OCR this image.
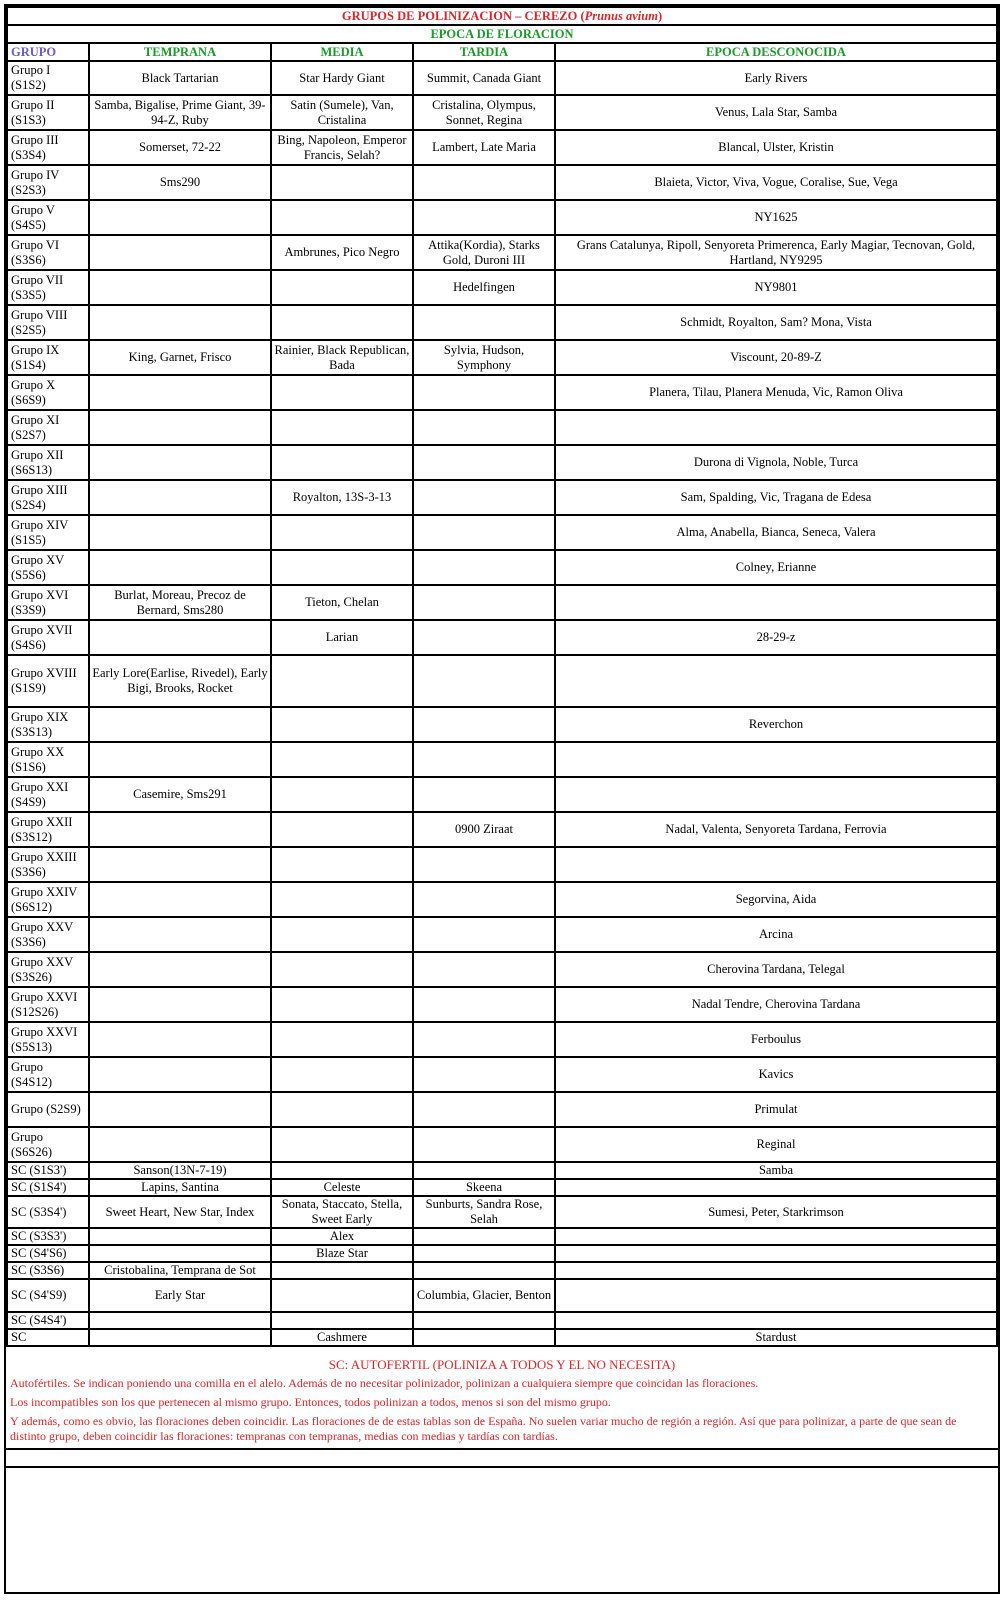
GRUPOS DE POLINIZACION – CEREZO (Prunus avium)				
EPOCA DE FLORACION				
GRUPO	TEMPRANA	MEDIA	TARDIA	EPOCA DESCONOCIDA
Grupo I
(S1S2)	Black Tartarian	Star Hardy Giant	Summit, Canada Giant	Early Rivers
Grupo II
(S1S3)	Samba, Bigalise, Prime Giant, 39-94-Z, Ruby	Satin (Sumele), Van, Cristalina	Cristalina, Olympus, Sonnet, Regina	Venus, Lala Star, Samba
Grupo III
(S3S4)	Somerset, 72-22	Bing, Napoleon, Emperor Francis, Selah?	Lambert, Late Maria	Blancal, Ulster, Kristin
Grupo IV
(S2S3)	Sms290			Blaieta, Victor, Viva, Vogue, Coralise, Sue, Vega
Grupo V
(S4S5)				NY1625
Grupo VI
(S3S6)		Ambrunes, Pico Negro	Attika(Kordia), Starks Gold, Duroni III	Grans Catalunya, Ripoll, Senyoreta Primerenca, Early Magiar, Tecnovan, Gold, Hartland, NY9295
Grupo VII
(S3S5)			Hedelfingen	NY9801
Grupo VIII
(S2S5)				Schmidt, Royalton, Sam? Mona, Vista
Grupo IX
(S1S4)	King, Garnet, Frisco	Rainier, Black Republican, Bada	Sylvia, Hudson, Symphony	Viscount, 20-89-Z
Grupo X
(S6S9)				Planera, Tilau, Planera Menuda, Vic, Ramon Oliva
Grupo XI
(S2S7)				
Grupo XII
(S6S13)				Durona di Vignola, Noble, Turca
Grupo XIII
(S2S4)		Royalton, 13S-3-13		Sam, Spalding, Vic, Tragana de Edesa
Grupo XIV
(S1S5)				Alma, Anabella, Bianca, Seneca, Valera
Grupo XV
(S5S6)				Colney, Erianne
Grupo XVI
(S3S9)	Burlat, Moreau, Precoz de Bernard, Sms280	Tieton, Chelan		
Grupo XVII
(S4S6)		Larian		28-29-z
Grupo XVIII
(S1S9)	Early Lore(Earlise, Rivedel), Early Bigi, Brooks, Rocket			
Grupo XIX
(S3S13)				Reverchon
Grupo XX
(S1S6)				
Grupo XXI
(S4S9)	Casemire, Sms291			
Grupo XXII
(S3S12)			0900 Ziraat	Nadal, Valenta, Senyoreta Tardana, Ferrovia
Grupo XXIII
(S3S6)				
Grupo XXIV
(S6S12)				Segorvina, Aida
Grupo XXV
(S3S6)				Arcina
Grupo XXV
(S3S26)				Cherovina Tardana, Telegal
Grupo XXVI
(S12S26)				Nadal Tendre, Cherovina Tardana
Grupo XXVI
(S5S13)				Ferboulus
Grupo
(S4S12)				Kavics
Grupo (S2S9)				Primulat
Grupo
(S6S26)				Reginal
SC (S1S3')	Sanson(13N-7-19)			Samba
SC (S1S4')	Lapins, Santina	Celeste	Skeena	
SC (S3S4')	Sweet Heart, New Star, Index	Sonata, Staccato, Stella, Sweet Early	Sunburts, Sandra Rose, Selah	Sumesi, Peter, Starkrimson
SC (S3S3')		Alex		
SC (S4'S6)		Blaze Star		
SC (S3S6)	Cristobalina, Temprana de Sot			
SC (S4'S9)	Early Star		Columbia, Glacier, Benton	
SC (S4S4')				
SC		Cashmere		Stardust
SC: AUTOFERTIL (POLINIZA A TODOS Y EL NO NECESITA)

Autofértiles. Se indican poniendo una comilla en el alelo. Además de no necesitar polinizador, polinizan a cualquiera siempre que coincidan las floraciones.

Los incompatibles son los que pertenecen al mismo grupo. Entonces, todos polinizan a todos, menos si son del mismo grupo.

Y además, como es obvio, las floraciones deben coincidir. Las floraciones de de estas tablas son de España. No suelen variar mucho de región a región. Así que para polinizar, a parte de que sean de distinto grupo, deben coincidir las floraciones: tempranas con tempranas, medias con medias y tardías con tardías.
